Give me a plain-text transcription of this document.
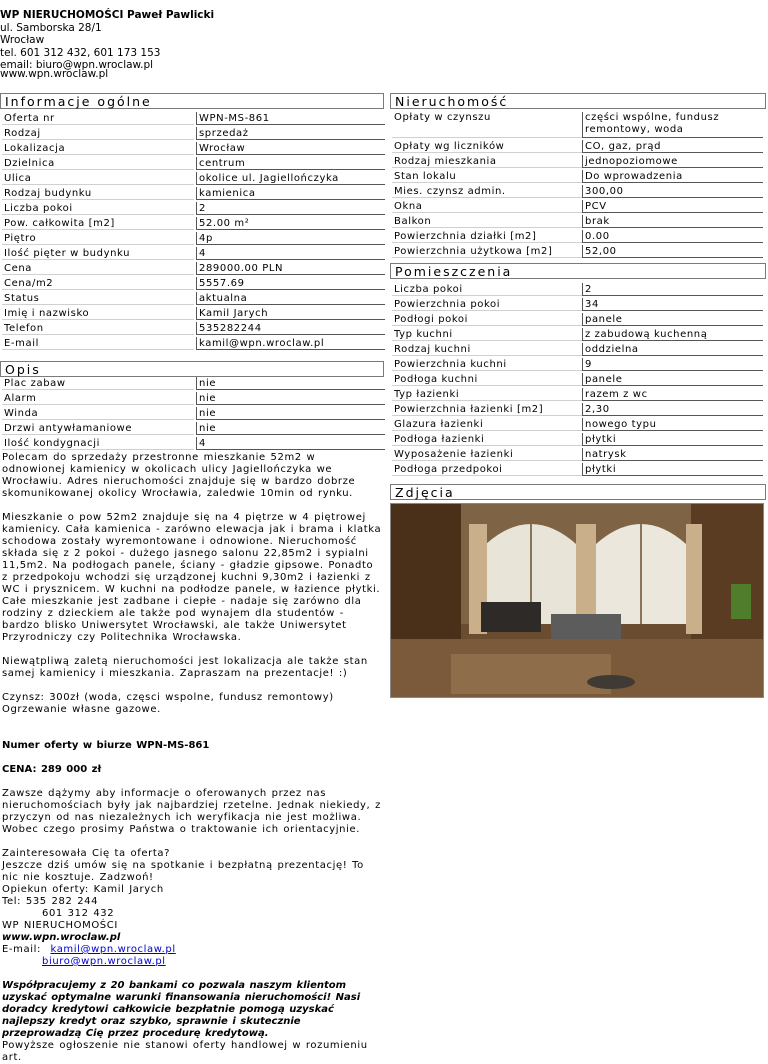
WP NIERUCHOMOŚCI Paweł Pawlicki
ul. Samborska 28/1
Wrocław
tel. 601 312 432, 601 173 153
email: biuro@wpn.wroclaw.pl
www.wpn.wroclaw.pl
Informacje ogólne
Oferta nr	WPN-MS-861
Rodzaj	sprzedaż
Lokalizacja	Wrocław
Dzielnica	centrum
Ulica	okolice ul. Jagiellończyka
Rodzaj budynku	kamienica
Liczba pokoi	2
Pow. całkowita [m2]	52.00 m²
Piętro	4p
Ilość pięter w budynku	4
Cena	289000.00 PLN
Cena/m2	5557.69
Status	aktualna
Imię i nazwisko	Kamil Jarych
Telefon	535282244
E-mail	kamil@wpn.wroclaw.pl
Opis
Plac zabaw	nie
Alarm	nie
Winda	nie
Drzwi antywłamaniowe	nie
Ilość kondygnacji	4

Polecam do sprzedaży przestronne mieszkanie 52m2 w odnowionej kamienicy w okolicach ulicy Jagiellończyka we Wrocławiu. Adres nieruchomości znajduje się w bardzo dobrze skomunikowanej okolicy Wrocławia, zaledwie 10min od rynku.

Mieszkanie o pow 52m2 znajduje się na 4 piętrze w 4 piętrowej kamienicy. Cała kamienica - zarówno elewacja jak i brama i klatka schodowa zostały wyremontowane i odnowione. Nieruchomość składa się z 2 pokoi - dużego jasnego salonu 22,85m2 i sypialni 11,5m2. Na podłogach panele, ściany - gładzie gipsowe. Ponadto z przedpokoju wchodzi się urządzonej kuchni 9,30m2 i łazienki z WC i prysznicem. W kuchni na podłodze panele, w łazience płytki. Całe mieszkanie jest zadbane i ciepłe - nadaje się zarówno dla rodziny z dzieckiem ale także pod wynajem dla studentów - bardzo blisko Uniwersytet Wrocławski, ale także Uniwersytet Przyrodniczy czy Politechnika Wrocławska.

Niewątpliwą zaletą nieruchomości jest lokalizacja ale także stan samej kamienicy i mieszkania. Zapraszam na prezentacje! :)

Czynsz: 300zł (woda, częsci wspolne, fundusz remontowy)
Ogrzewanie własne gazowe.

Numer oferty w biurze WPN-MS-861

CENA: 289 000 zł

Zawsze dążymy aby informacje o oferowanych przez nas nieruchomościach były jak najbardziej rzetelne. Jednak niekiedy, z przyczyn od nas niezależnych ich weryfikacja nie jest możliwa. Wobec czego prosimy Państwa o traktowanie ich orientacyjnie.

Zainteresowała Cię ta oferta?
Jeszcze dziś umów się na spotkanie i bezpłatną prezentację! To nic nie kosztuje. Zadzwoń!
Opiekun oferty: Kamil Jarych
Tel: 535 282 244
601 312 432
WP NIERUCHOMOŚCI
www.wpn.wroclaw.pl
E-mail: kamil@wpn.wroclaw.pl
biuro@wpn.wroclaw.pl

Współpracujemy z 20 bankami co pozwala naszym klientom uzyskać optymalne warunki finansowania nieruchomości! Nasi doradcy kredytowi całkowicie bezpłatnie pomogą uzyskać najlepszy kredyt oraz szybko, sprawnie i skutecznie przeprowadzą Cię przez procedurę kredytową.

Powyższe ogłoszenie nie stanowi oferty handlowej w rozumieniu art.

Nieruchomość
Opłaty w czynszu	części wspólne, fundusz remontowy, woda
Opłaty wg liczników	CO, gaz, prąd
Rodzaj mieszkania	jednopoziomowe
Stan lokalu	Do wprowadzenia
Mies. czynsz admin.	300,00
Okna	PCV
Balkon	brak
Powierzchnia działki [m2]	0.00
Powierzchnia użytkowa [m2]	52,00
Pomieszczenia
Liczba pokoi	2
Powierzchnia pokoi	34
Podłogi pokoi	panele
Typ kuchni	z zabudową kuchenną
Rodzaj kuchni	oddzielna
Powierzchnia kuchni	9
Podłoga kuchni	panele
Typ łazienki	razem z wc
Powierzchnia łazienki [m2]	2,30
Glazura łazienki	nowego typu
Podłoga łazienki	płytki
Wyposażenie łazienki	natrysk
Podłoga przedpokoi	płytki
Zdjęcia
